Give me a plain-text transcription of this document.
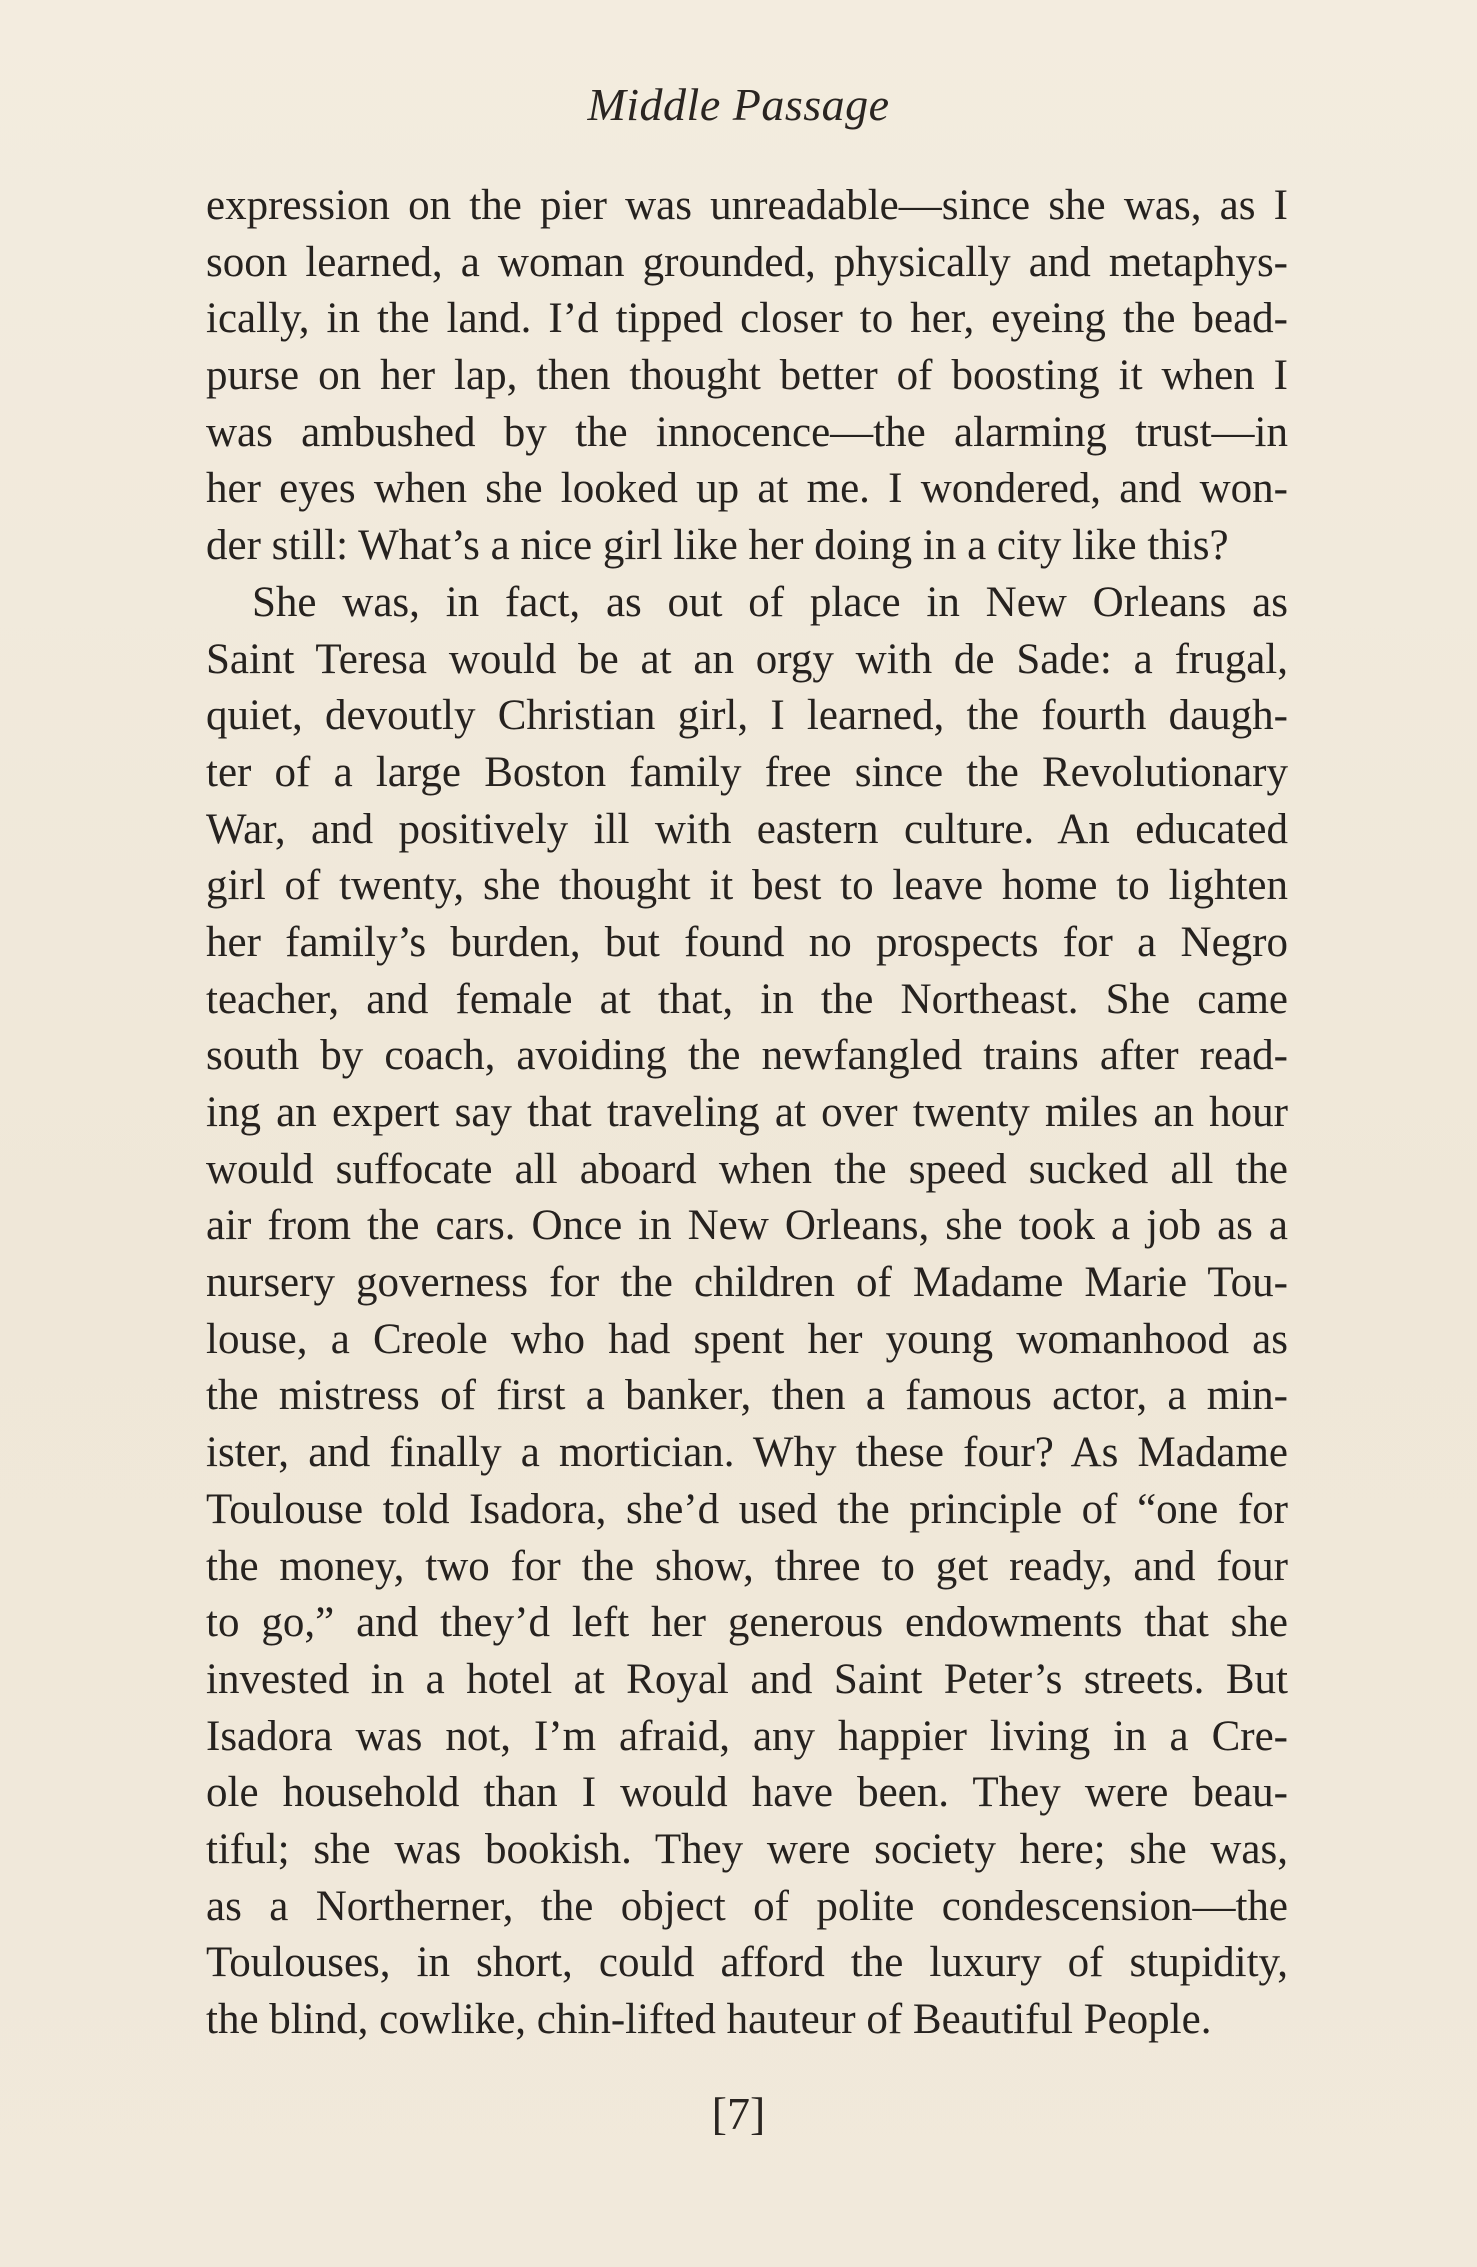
Middle Passage
expression on the pier was unreadable—since she was, as I
soon learned, a woman grounded, physically and metaphys-
ically, in the land. I’d tipped closer to her, eyeing the bead-
purse on her lap, then thought better of boosting it when I
was ambushed by the innocence—the alarming trust—in
her eyes when she looked up at me. I wondered, and won-
der still: What’s a nice girl like her doing in a city like this?
She was, in fact, as out of place in New Orleans as
Saint Teresa would be at an orgy with de Sade: a frugal,
quiet, devoutly Christian girl, I learned, the fourth daugh-
ter of a large Boston family free since the Revolutionary
War, and positively ill with eastern culture. An educated
girl of twenty, she thought it best to leave home to lighten
her family’s burden, but found no prospects for a Negro
teacher, and female at that, in the Northeast. She came
south by coach, avoiding the newfangled trains after read-
ing an expert say that traveling at over twenty miles an hour
would suffocate all aboard when the speed sucked all the
air from the cars. Once in New Orleans, she took a job as a
nursery governess for the children of Madame Marie Tou-
louse, a Creole who had spent her young womanhood as
the mistress of first a banker, then a famous actor, a min-
ister, and finally a mortician. Why these four? As Madame
Toulouse told Isadora, she’d used the principle of “one for
the money, two for the show, three to get ready, and four
to go,” and they’d left her generous endowments that she
invested in a hotel at Royal and Saint Peter’s streets. But
Isadora was not, I’m afraid, any happier living in a Cre-
ole household than I would have been. They were beau-
tiful; she was bookish. They were society here; she was,
as a Northerner, the object of polite condescension—the
Toulouses, in short, could afford the luxury of stupidity,
the blind, cowlike, chin-lifted hauteur of Beautiful People.
[7]
